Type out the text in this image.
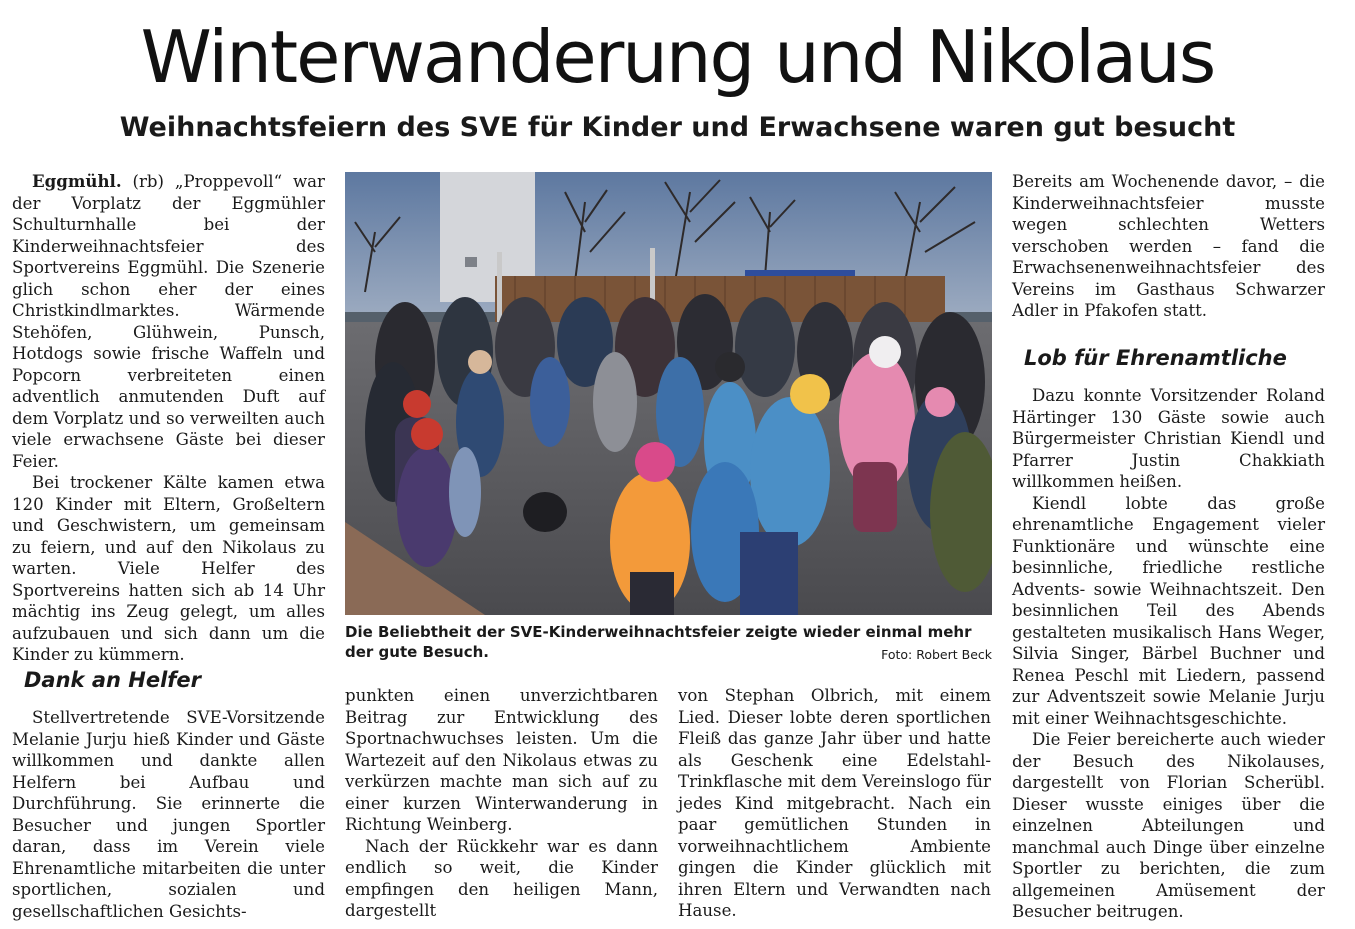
Winterwanderung und Nikolaus
Weihnachtsfeiern des SVE für Kinder und Erwachsene waren gut besucht

Eggmühl. (rb) „Proppevoll“ war der Vorplatz der Eggmühler Schulturnhalle bei der Kinderweihnachtsfeier des Sportvereins Eggmühl. Die Szenerie glich schon eher der eines Christkindlmarktes. Wärmende Stehöfen, Glühwein, Punsch, Hotdogs sowie frische Waffeln und Popcorn verbreiteten einen adventlich anmutenden Duft auf dem Vorplatz und so verweilten auch viele erwachsene Gäste bei dieser Feier.

Bei trockener Kälte kamen etwa 120 Kinder mit Eltern, Großeltern und Geschwistern, um gemeinsam zu feiern, und auf den Nikolaus zu warten. Viele Helfer des Sportvereins hatten sich ab 14 Uhr mächtig ins Zeug gelegt, um alles aufzubauen und sich dann um die Kinder zu kümmern.

Dank an Helfer

Stellvertretende SVE-Vorsitzende Melanie Jurju hieß Kinder und Gäste willkommen und dankte allen Helfern bei Aufbau und Durchführung. Sie erinnerte die Besucher und jungen Sportler daran, dass im Verein viele Ehrenamtliche mitarbeiten die unter sportlichen, sozialen und gesellschaftlichen Gesichts-

Die Beliebtheit der SVE-Kinderweihnachtsfeier zeigte wieder einmal mehr der gute Besuch.	Foto: Robert Beck

punkten einen unverzichtbaren Beitrag zur Entwicklung des Sportnachwuchses leisten. Um die Wartezeit auf den Nikolaus etwas zu verkürzen machte man sich auf zu einer kurzen Winterwanderung in Richtung Weinberg.

Nach der Rückkehr war es dann endlich so weit, die Kinder empfingen den heiligen Mann, dargestellt

von Stephan Olbrich, mit einem Lied. Dieser lobte deren sportlichen Fleiß das ganze Jahr über und hatte als Geschenk eine Edelstahl-Trinkflasche mit dem Vereinslogo für jedes Kind mitgebracht. Nach ein paar gemütlichen Stunden in vorweihnachtlichem Ambiente gingen die Kinder glücklich mit ihren Eltern und Verwandten nach Hause.

Bereits am Wochenende davor, – die Kinderweihnachtsfeier musste wegen schlechten Wetters verschoben werden – fand die Erwachsenenweihnachtsfeier des Vereins im Gasthaus Schwarzer Adler in Pfakofen statt.

Lob für Ehrenamtliche

Dazu konnte Vorsitzender Roland Härtinger 130 Gäste sowie auch Bürgermeister Christian Kiendl und Pfarrer Justin Chakkiath willkommen heißen.

Kiendl lobte das große ehrenamtliche Engagement vieler Funktionäre und wünschte eine besinnliche, friedliche restliche Advents- sowie Weihnachtszeit. Den besinnlichen Teil des Abends gestalteten musikalisch Hans Weger, Silvia Singer, Bärbel Buchner und Renea Peschl mit Liedern, passend zur Adventszeit sowie Melanie Jurju mit einer Weihnachtsgeschichte.

Die Feier bereicherte auch wieder der Besuch des Nikolauses, dargestellt von Florian Scherübl. Dieser wusste einiges über die einzelnen Abteilungen und manchmal auch Dinge über einzelne Sportler zu berichten, die zum allgemeinen Amüsement der Besucher beitrugen.
